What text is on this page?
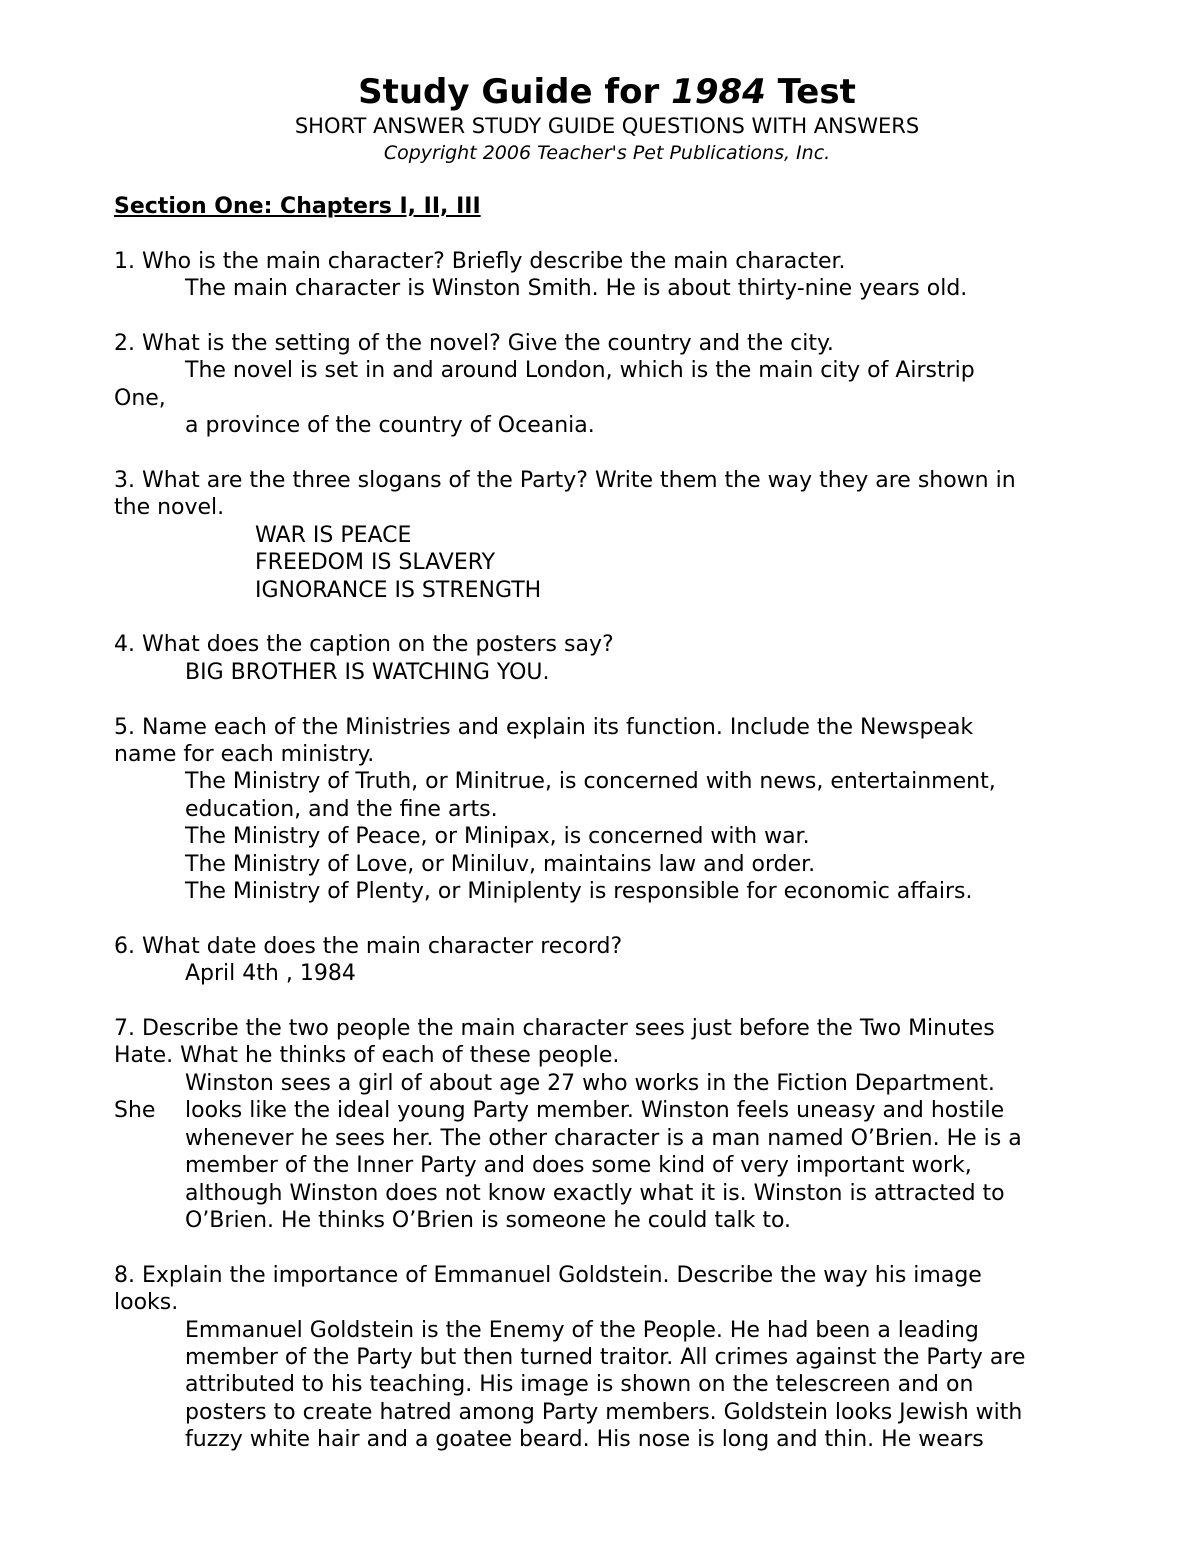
Study Guide for 1984 Test

SHORT ANSWER STUDY GUIDE QUESTIONS WITH ANSWERS

Copyright 2006 Teacher's Pet Publications, Inc.

Section One: Chapters I, II, III

1. Who is the main character? Briefly describe the main character.

The main character is Winston Smith. He is about thirty-nine years old.

2. What is the setting of the novel? Give the country and the city.

The novel is set in and around London, which is the main city of Airstrip

One,

a province of the country of Oceania.

3. What are the three slogans of the Party? Write them the way they are shown in

the novel.

WAR IS PEACE

FREEDOM IS SLAVERY

IGNORANCE IS STRENGTH

4. What does the caption on the posters say?

BIG BROTHER IS WATCHING YOU.

5. Name each of the Ministries and explain its function. Include the Newspeak

name for each ministry.

The Ministry of Truth, or Minitrue, is concerned with news, entertainment,

education, and the fine arts.

The Ministry of Peace, or Minipax, is concerned with war.

The Ministry of Love, or Miniluv, maintains law and order.

The Ministry of Plenty, or Miniplenty is responsible for economic affairs.

6. What date does the main character record?

April 4th , 1984

7. Describe the two people the main character sees just before the Two Minutes

Hate. What he thinks of each of these people.

Winston sees a girl of about age 27 who works in the Fiction Department.

She	looks like the ideal young Party member. Winston feels uneasy and hostile

whenever he sees her. The other character is a man named O’Brien. He is a

member of the Inner Party and does some kind of very important work,

although Winston does not know exactly what it is. Winston is attracted to

O’Brien. He thinks O’Brien is someone he could talk to.

8. Explain the importance of Emmanuel Goldstein. Describe the way his image

looks.

Emmanuel Goldstein is the Enemy of the People. He had been a leading

member of the Party but then turned traitor. All crimes against the Party are

attributed to his teaching. His image is shown on the telescreen and on

posters to create hatred among Party members. Goldstein looks Jewish with

fuzzy white hair and a goatee beard. His nose is long and thin. He wears
